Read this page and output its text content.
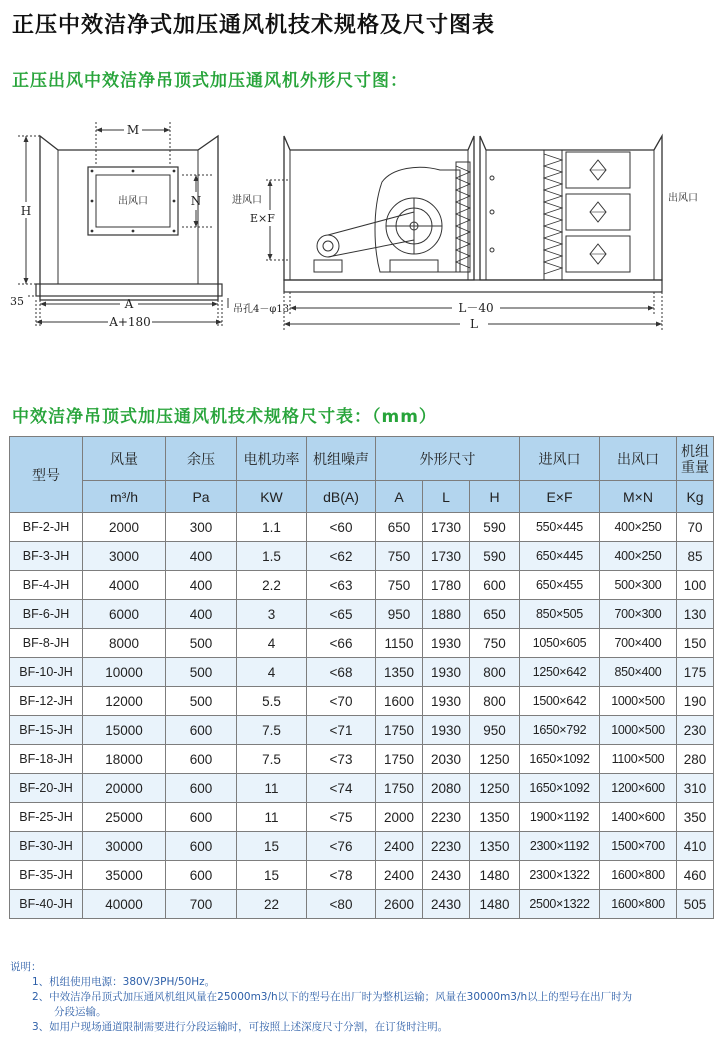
正压中效洁净式加压通风机技术规格及尺寸图表
正压出风中效洁净吊顶式加压通风机外形尺寸图：
M
N
H
出风口
A
A+180
35
吊孔4－φ13
进风口
E×F
出风口
L－40
L
中效洁净吊顶式加压通风机技术规格尺寸表：（mm）
型号	风量	余压	电机功率	机组噪声	外形尺寸			进风口	出风口	机组
重量

	m³/h	Pa	KW	dB(A)	A	L	H	E×F	M×N	Kg
BF-2-JH	2000	300	1.1	<60	650	1730	590	550×445	400×250	70
BF-3-JH	3000	400	1.5	<62	750	1730	590	650×445	400×250	85
BF-4-JH	4000	400	2.2	<63	750	1780	600	650×455	500×300	100
BF-6-JH	6000	400	3	<65	950	1880	650	850×505	700×300	130
BF-8-JH	8000	500	4	<66	1150	1930	750	1050×605	700×400	150
BF-10-JH	10000	500	4	<68	1350	1930	800	1250×642	850×400	175
BF-12-JH	12000	500	5.5	<70	1600	1930	800	1500×642	1000×500	190
BF-15-JH	15000	600	7.5	<71	1750	1930	950	1650×792	1000×500	230
BF-18-JH	18000	600	7.5	<73	1750	2030	1250	1650×1092	1100×500	280
BF-20-JH	20000	600	11	<74	1750	2080	1250	1650×1092	1200×600	310
BF-25-JH	25000	600	11	<75	2000	2230	1350	1900×1192	1400×600	350
BF-30-JH	30000	600	15	<76	2400	2230	1350	2300×1192	1500×700	410
BF-35-JH	35000	600	15	<78	2400	2430	1480	2300×1322	1600×800	460
BF-40-JH	40000	700	22	<80	2600	2430	1480	2500×1322	1600×800	505
说明：
1、机组使用电源：380V/3PH/50Hz。
2、中效洁净吊顶式加压通风机组风量在25000m3/h以下的型号在出厂时为整机运输；风量在30000m3/h以上的型号在出厂时为
分段运输。
3、如用户现场通道限制需要进行分段运输时，可按照上述深度尺寸分割，在订货时注明。
